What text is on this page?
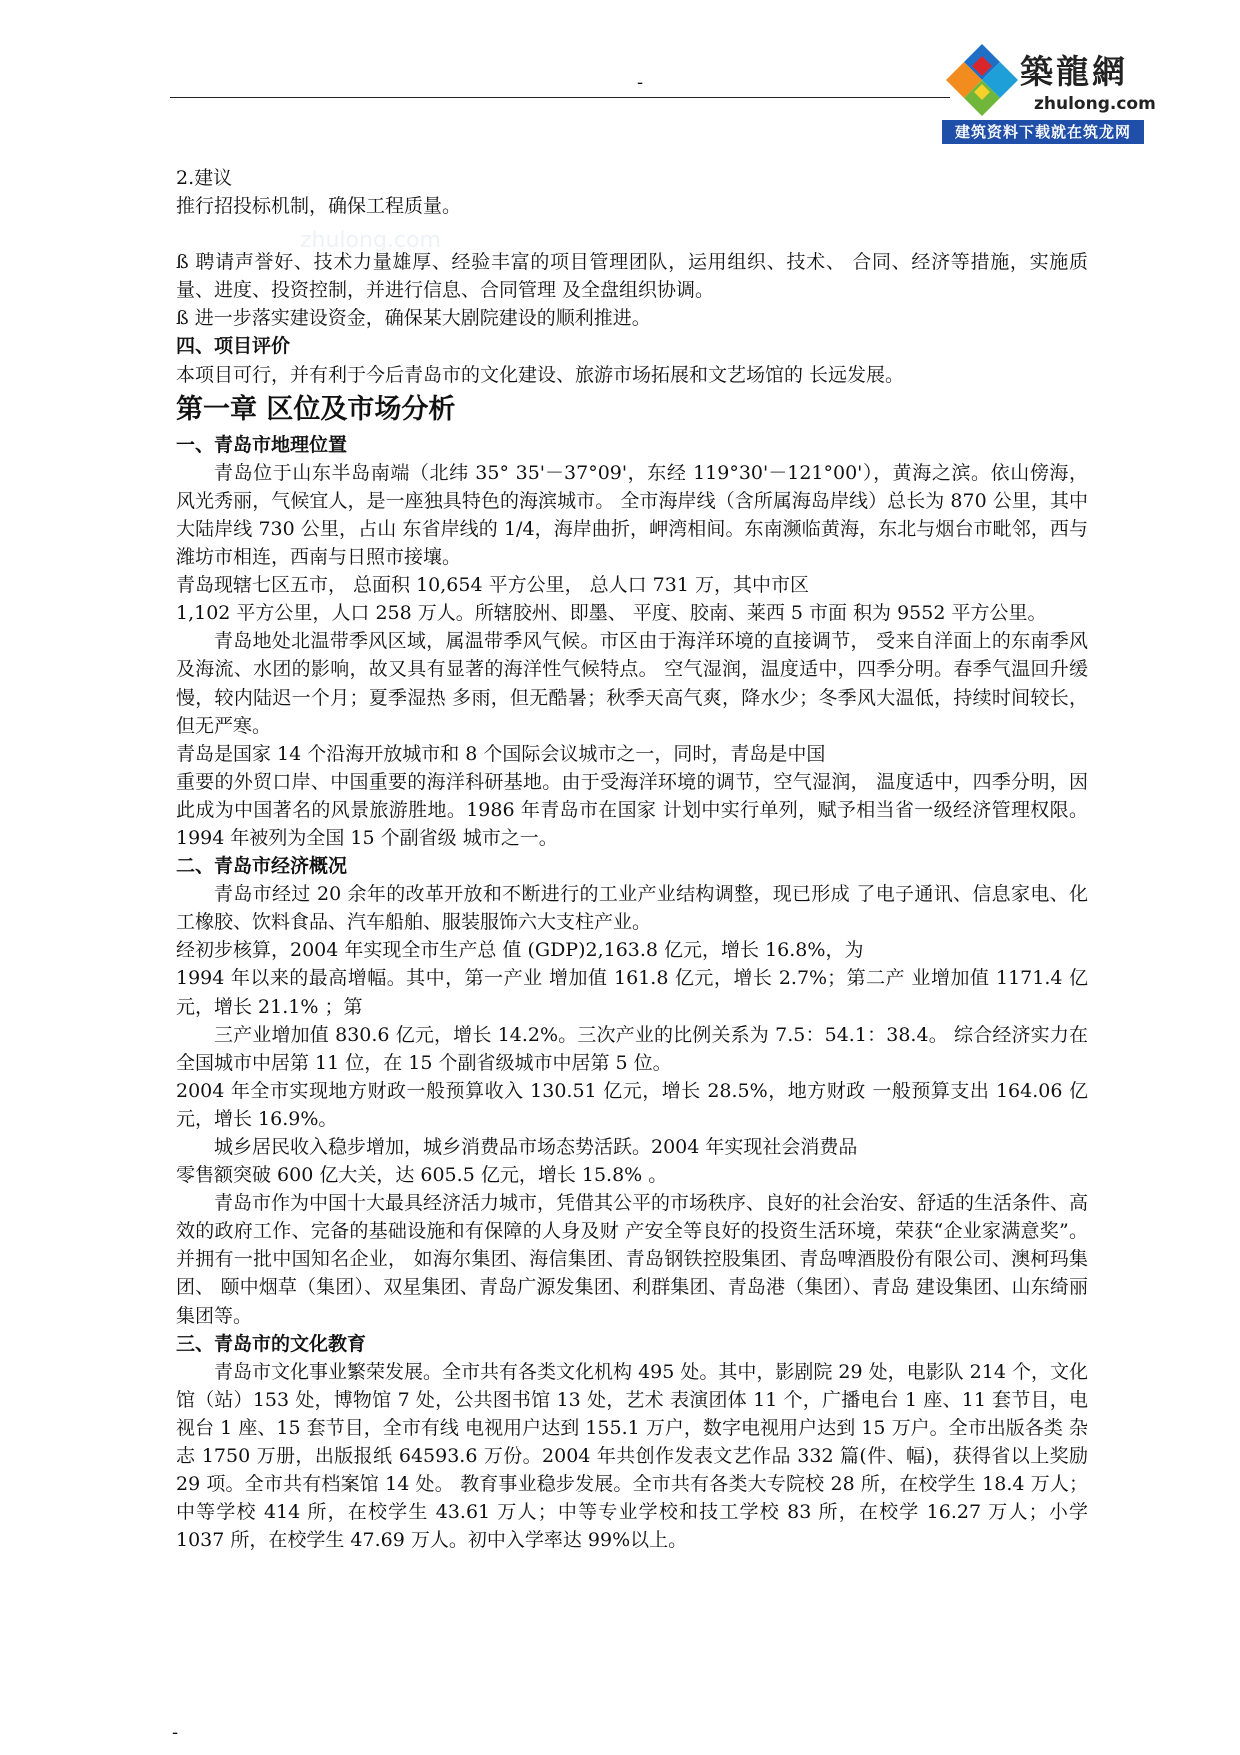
-	築龍網
zhulong.com
建筑资料下载就在筑龙网
zhulong.com

2.建议

推行招投标机制，确保工程质量。

ß 聘请声誉好、技术力量雄厚、经验丰富的项目管理团队，运用组织、技术、 合同、经济等措施，实施质量、进度、投资控制，并进行信息、合同管理 及全盘组织协调。

ß 进一步落实建设资金，确保某大剧院建设的顺利推进。

四、项目评价

本项目可行，并有利于今后青岛市的文化建设、旅游市场拓展和文艺场馆的 长远发展。

第一章 区位及市场分析

一、青岛市地理位置

青岛位于山东半岛南端（北纬 35° 35'－37°09'，东经 119°30'－121°00'），黄海之滨。依山傍海，风光秀丽，气候宜人，是一座独具特色的海滨城市。 全市海岸线（含所属海岛岸线）总长为 870 公里，其中大陆岸线 730 公里，占山 东省岸线的 1/4，海岸曲折，岬湾相间。东南濒临黄海，东北与烟台市毗邻，西与 潍坊市相连，西南与日照市接壤。

青岛现辖七区五市， 总面积 10,654 平方公里， 总人口 731 万，其中市区

1,102 平方公里，人口 258 万人。所辖胶州、即墨、 平度、胶南、莱西 5 市面 积为 9552 平方公里。

青岛地处北温带季风区域，属温带季风气候。市区由于海洋环境的直接调节， 受来自洋面上的东南季风及海流、水团的影响，故又具有显著的海洋性气候特点。 空气湿润，温度适中，四季分明。春季气温回升缓慢，较内陆迟一个月；夏季湿热 多雨，但无酷暑；秋季天高气爽，降水少；冬季风大温低，持续时间较长，但无严寒。

青岛是国家 14 个沿海开放城市和 8 个国际会议城市之一，同时，青岛是中国

重要的外贸口岸、中国重要的海洋科研基地。由于受海洋环境的调节，空气湿润， 温度适中，四季分明，因此成为中国著名的风景旅游胜地。1986 年青岛市在国家 计划中实行单列，赋予相当省一级经济管理权限。1994 年被列为全国 15 个副省级 城市之一。

二、青岛市经济概况

青岛市经过 20 余年的改革开放和不断进行的工业产业结构调整，现已形成 了电子通讯、信息家电、化工橡胶、饮料食品、汽车船舶、服装服饰六大支柱产业。

经初步核算，2004 年实现全市生产总 值 (GDP)2,163.8 亿元，增长 16.8%，为

1994 年以来的最高增幅。其中，第一产业 增加值 161.8 亿元，增长 2.7%；第二产 业增加值 1171.4 亿元，增长 21.1% ；第

三产业增加值 830.6 亿元，增长 14.2%。三次产业的比例关系为 7.5：54.1：38.4。 综合经济实力在全国城市中居第 11 位，在 15 个副省级城市中居第 5 位。

2004 年全市实现地方财政一般预算收入 130.51 亿元，增长 28.5%，地方财政 一般预算支出 164.06 亿元，增长 16.9%。

城乡居民收入稳步增加，城乡消费品市场态势活跃。2004 年实现社会消费品

零售额突破 600 亿大关，达 605.5 亿元，增长 15.8% 。

青岛市作为中国十大最具经济活力城市，凭借其公平的市场秩序、良好的社会治安、舒适的生活条件、高效的政府工作、完备的基础设施和有保障的人身及财 产安全等良好的投资生活环境，荣获“企业家满意奖”。并拥有一批中国知名企业， 如海尔集团、海信集团、青岛钢铁控股集团、青岛啤酒股份有限公司、澳柯玛集团、 颐中烟草（集团）、双星集团、青岛广源发集团、利群集团、青岛港（集团）、青岛 建设集团、山东绮丽集团等。

三、青岛市的文化教育

青岛市文化事业繁荣发展。全市共有各类文化机构 495 处。其中，影剧院 29 处，电影队 214 个，文化馆（站）153 处，博物馆 7 处，公共图书馆 13 处，艺术 表演团体 11 个，广播电台 1 座、11 套节目，电视台 1 座、15 套节目，全市有线 电视用户达到 155.1 万户，数字电视用户达到 15 万户。全市出版各类 杂志 1750 万册，出版报纸 64593.6 万份。2004 年共创作发表文艺作品 332 篇(件、幅)，获得省以上奖励 29 项。全市共有档案馆 14 处。 教育事业稳步发展。全市共有各类大专院校 28 所，在校学生 18.4 万人；中等学校 414 所，在校学生 43.61 万人；中等专业学校和技工学校 83 所，在校学 16.27 万人；小学 1037 所，在校学生 47.69 万人。初中入学率达 99%以上。

-
